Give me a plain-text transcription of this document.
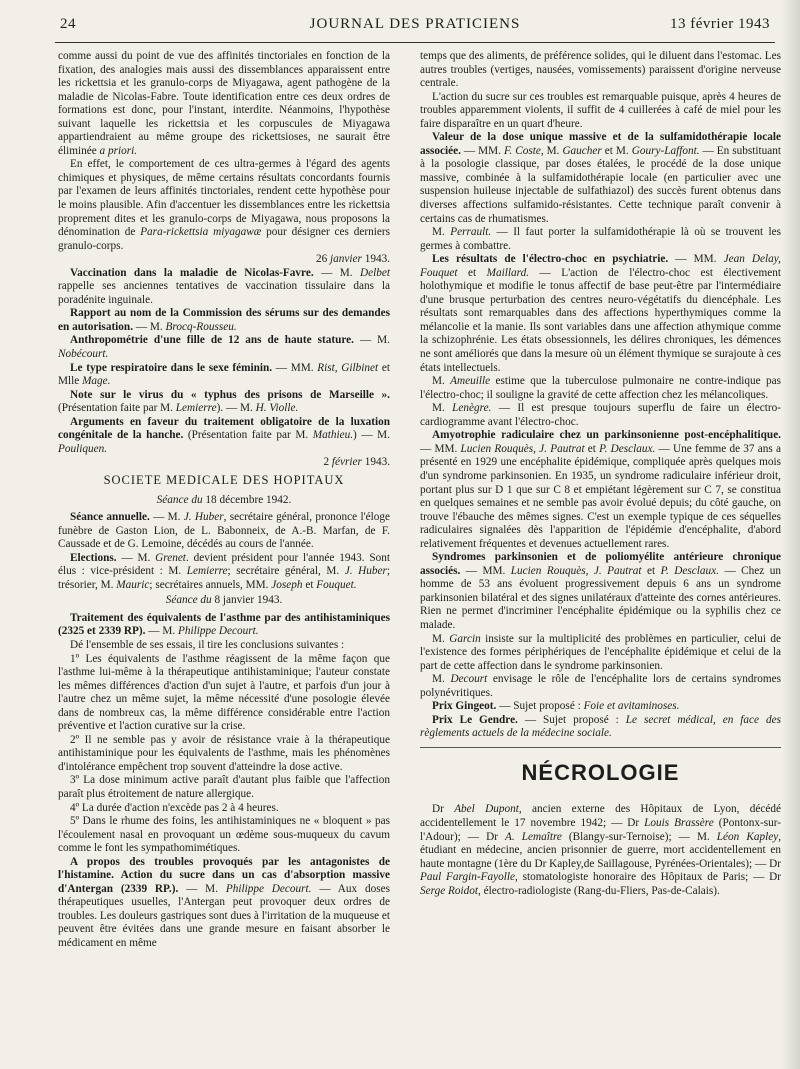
24	JOURNAL DES PRATICIENS	13 février 1943

comme aussi du point de vue des affinités tinctoriales en fonction de la fixation, des analogies mais aussi des dissemblances apparaissent entre les rickettsia et les granulo-corps de Miyagawa, agent pathogène de la maladie de Nicolas-Fabre. Toute identification entre ces deux ordres de formations est donc, pour l'instant, interdite. Néanmoins, l'hypothèse suivant laquelle les rickettsia et les corpuscules de Miyagawa appartiendraient au même groupe des rickettsioses, ne saurait être éliminée a priori.

En effet, le comportement de ces ultra-germes à l'égard des agents chimiques et physiques, de même certains résultats concordants fournis par l'examen de leurs affinités tinctoriales, rendent cette hypothèse pour le moins plausible. Afin d'accentuer les dissemblances entre les rickettsia proprement dites et les granulo-corps de Miyagawa, nous proposons la dénomination de Para-rickettsia miyagawæ pour désigner ces derniers granulo-corps.

26 janvier 1943.

Vaccination dans la maladie de Nicolas-Favre. — M. Delbet rappelle ses anciennes tentatives de vaccination tissulaire dans la poradénite inguinale.

Rapport au nom de la Commission des sérums sur des demandes en autorisation. — M. Brocq-Rousseu.

Anthropométrie d'une fille de 12 ans de haute stature. — M. Nobécourt.

Le type respiratoire dans le sexe féminin. — MM. Rist, Gilbinet et Mlle Mage.

Note sur le virus du « typhus des prisons de Marseille ». (Présentation faite par M. Lemierre). — M. H. Violle.

Arguments en faveur du traitement obligatoire de la luxation congénitale de la hanche. (Présentation faite par M. Mathieu.) — M. Pouliquen.

2 février 1943.

SOCIETE MEDICALE DES HOPITAUX
Séance du 18 décembre 1942.

Séance annuelle. — M. J. Huber, secrétaire général, prononce l'éloge funèbre de Gaston Lion, de L. Babonneix, de A.-B. Marfan, de F. Caussade et de G. Lemoine, décédés au cours de l'année.

Elections. — M. Grenet. devient président pour l'année 1943. Sont élus : vice-président : M. Lemierre; secrétaire général, M. J. Huber; trésorier, M. Mauric; secrétaires annuels, MM. Joseph et Fouquet.

Séance du 8 janvier 1943.

Traitement des équivalents de l'asthme par des antihistaminiques (2325 et 2339 RP). — M. Philippe Decourt.

Dé l'ensemble de ses essais, il tire les conclusions suivantes :

1º Les équivalents de l'asthme réagissent de la même façon que l'asthme lui-même à la thérapeutique antihistaminique; l'auteur constate les mêmes différences d'action d'un sujet à l'autre, et parfois d'un jour à l'autre chez un même sujet, la même nécessité d'une posologie élevée dans de nombreux cas, la même différence considérable entre l'action préventive et l'action curative sur la crise.

2º Il ne semble pas y avoir de résistance vraie à la thérapeutique antihistaminique pour les équivalents de l'asthme, mais les phénomènes d'intolérance empêchent trop souvent d'atteindre la dose active.

3º La dose minimum active paraît d'autant plus faible que l'affection paraît plus étroitement de nature allergique.

4º La durée d'action n'excède pas 2 à 4 heures.

5º Dans le rhume des foins, les antihistaminiques ne « bloquent » pas l'écoulement nasal en provoquant un œdème sous-muqueux du cavum comme le font les sympathomimétiques.

A propos des troubles provoqués par les antagonistes de l'histamine. Action du sucre dans un cas d'absorption massive d'Antergan (2339 RP.). — M. Philippe Decourt. — Aux doses thérapeutiques usuelles, l'Antergan peut provoquer deux ordres de troubles. Les douleurs gastriques sont dues à l'irritation de la muqueuse et peuvent être évitées dans une grande mesure en faisant absorber le médicament en même

temps que des aliments, de préférence solides, qui le diluent dans l'estomac. Les autres troubles (vertiges, nausées, vomissements) paraissent d'origine nerveuse centrale.

L'action du sucre sur ces troubles est remarquable puisque, après 4 heures de troubles apparemment violents, il suffit de 4 cuillerées à café de miel pour les faire disparaître en un quart d'heure.

Valeur de la dose unique massive et de la sulfamidothérapie locale associée. — MM. F. Coste, M. Gaucher et M. Goury-Laffont. — En substituant à la posologie classique, par doses étalées, le procédé de la dose unique massive, combinée à la sulfamidothérapie locale (en particulier avec une suspension huileuse injectable de sulfathiazol) des succès furent obtenus dans diverses affections sulfamido-résistantes. Cette technique paraît convenir à certains cas de rhumatismes.

M. Perrault. — Il faut porter la sulfamidothérapie là où se trouvent les germes à combattre.

Les résultats de l'électro-choc en psychiatrie. — MM. Jean Delay, Fouquet et Maillard. — L'action de l'électro-choc est électivement holothymique et modifie le tonus affectif de base peut-être par l'intermédiaire d'une brusque perturbation des centres neuro-végétatifs du diencéphale. Les résultats sont remarquables dans des affections hyperthymiques comme la mélancolie et la manie. Ils sont variables dans une affection athymique comme la schizophrénie. Les états obsessionnels, les délires chroniques, les démences ne sont améliorés que dans la mesure où un élément thymique se surajoute à ces états intellectuels.

M. Ameuille estime que la tuberculose pulmonaire ne contre-indique pas l'électro-choc; il souligne la gravité de cette affection chez les mélancoliques.

M. Lenègre. — Il est presque toujours superflu de faire un électro-cardiogramme avant l'électro-choc.

Amyotrophie radiculaire chez un parkinsonienne post-encéphalitique. — MM. Lucien Rouquès, J. Pautrat et P. Desclaux. — Une femme de 37 ans a présenté en 1929 une encéphalite épidémique, compliquée après quelques mois d'un syndrome parkinsonien. En 1935, un syndrome radiculaire inférieur droit, portant plus sur D 1 que sur C 8 et empiétant légèrement sur C 7, se constitua en quelques semaines et ne semble pas avoir évolué depuis; du côté gauche, on trouve l'ébauche des mêmes signes. C'est un exemple typique de ces séquelles radiculaires signalées dès l'apparition de l'épidémie d'encéphalite, d'abord relativement fréquentes et devenues actuellement rares.

Syndromes parkinsonien et de poliomyélite antérieure chronique associés. — MM. Lucien Rouquès, J. Pautrat et P. Desclaux. — Chez un homme de 53 ans évoluent progressivement depuis 6 ans un syndrome parkinsonien bilatéral et des signes unilatéraux d'atteinte des cornes antérieures. Rien ne permet d'incriminer l'encéphalite épidémique ou la syphilis chez ce malade.

M. Garcin insiste sur la multiplicité des problèmes en particulier, celui de l'existence des formes périphériques de l'encéphalite épidémique et celui de la part de cette affection dans le syndrome parkinsonien.

M. Decourt envisage le rôle de l'encéphalite lors de certains syndromes polynévritiques.

Prix Gingeot. — Sujet proposé : Foie et avitaminoses.

Prix Le Gendre. — Sujet proposé : Le secret médical, en face des règlements actuels de la médecine sociale.

NÉCROLOGIE

Dr Abel Dupont, ancien externe des Hôpitaux de Lyon, décédé accidentellement le 17 novembre 1942; — Dr Louis Brassère (Pontonx-sur-l'Adour); — Dr A. Lemaître (Blangy-sur-Ternoise); — M. Léon Kapley, étudiant en médecine, ancien prisonnier de guerre, mort accidentellement en haute montagne (1ère du Dr Kapley,de Saillagouse, Pyrénées-Orientales); — Dr Paul Fargin-Fayolle, stomatologiste honoraire des Hôpitaux de Paris; — Dr Serge Roidot, électro-radiologiste (Rang-du-Fliers, Pas-de-Calais).
